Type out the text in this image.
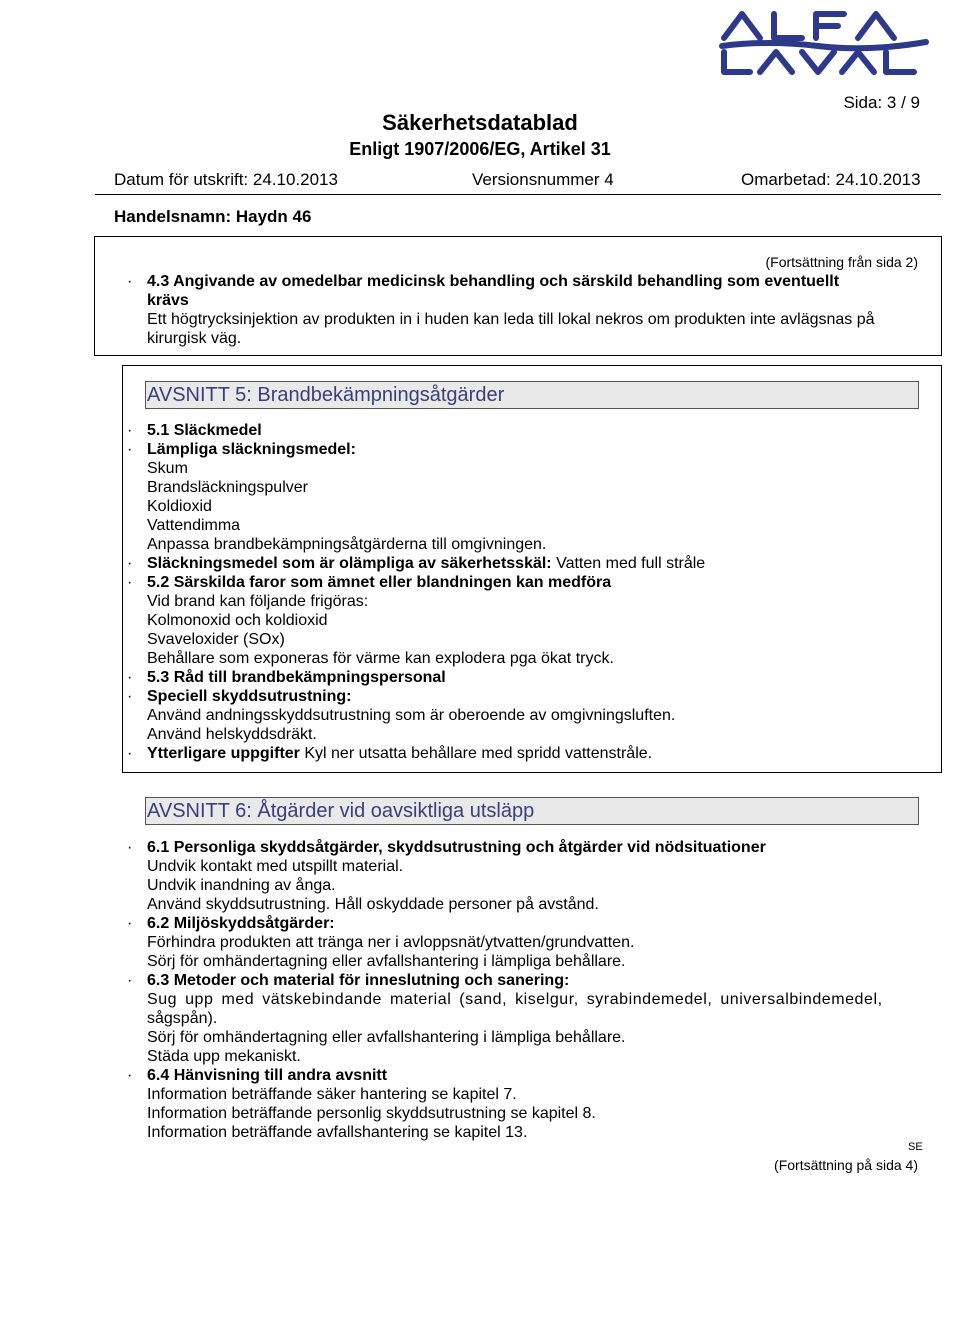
Sida: 3 / 9
Säkerhetsdatablad
Enligt 1907/2006/EG, Artikel 31
Datum för utskrift: 24.10.2013	Versionsnummer 4	Omarbetad: 24.10.2013
Handelsnamn: Haydn 46
(Fortsättning från sida 2)
· 4.3 Angivande av omedelbar medicinsk behandling och särskild behandling som eventuellt
krävs
Ett högtrycksinjektion av produkten in i huden kan leda till lokal nekros om produkten inte avlägsnas på
kirurgisk väg.
AVSNITT 5: Brandbekämpningsåtgärder
· 5.1 Släckmedel
· Lämpliga släckningsmedel:
Skum
Brandsläckningspulver
Koldioxid
Vattendimma
Anpassa brandbekämpningsåtgärderna till omgivningen.
· Släckningsmedel som är olämpliga av säkerhetsskäl: Vatten med full stråle
· 5.2 Särskilda faror som ämnet eller blandningen kan medföra
Vid brand kan följande frigöras:
Kolmonoxid och koldioxid
Svaveloxider (SOx)
Behållare som exponeras för värme kan explodera pga ökat tryck.
· 5.3 Råd till brandbekämpningspersonal
· Speciell skyddsutrustning:
Använd andningsskyddsutrustning som är oberoende av omgivningsluften.
Använd helskyddsdräkt.
· Ytterligare uppgifter Kyl ner utsatta behållare med spridd vattenstråle.
AVSNITT 6: Åtgärder vid oavsiktliga utsläpp
· 6.1 Personliga skyddsåtgärder, skyddsutrustning och åtgärder vid nödsituationer
Undvik kontakt med utspillt material.
Undvik inandning av ånga.
Använd skyddsutrustning. Håll oskyddade personer på avstånd.
· 6.2 Miljöskyddsåtgärder:
Förhindra produkten att tränga ner i avloppsnät/ytvatten/grundvatten.
Sörj för omhändertagning eller avfallshantering i lämpliga behållare.
· 6.3 Metoder och material för inneslutning och sanering:
Sug upp med vätskebindande material (sand, kiselgur, syrabindemedel, universalbindemedel,
sågspån).
Sörj för omhändertagning eller avfallshantering i lämpliga behållare.
Städa upp mekaniskt.
· 6.4 Hänvisning till andra avsnitt
Information beträffande säker hantering se kapitel 7.
Information beträffande personlig skyddsutrustning se kapitel 8.
Information beträffande avfallshantering se kapitel 13.
SE
(Fortsättning på sida 4)
